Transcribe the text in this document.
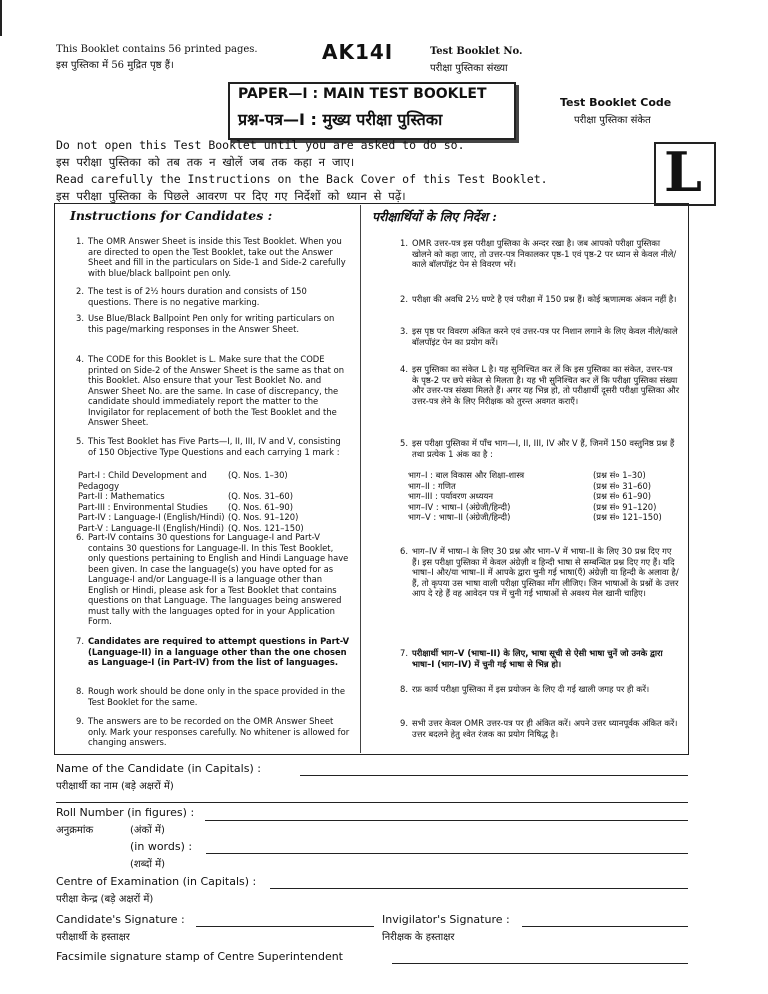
This Booklet contains 56 printed pages.
इस पुस्तिका में 56 मुद्रित पृष्ठ हैं।
AK14I	Test Booklet No.
परीक्षा पुस्तिका संख्या
PAPER—I : MAIN TEST BOOKLET
प्रश्न-पत्र—I : मुख्य परीक्षा पुस्तिका
Test Booklet Code
परीक्षा पुस्तिका संकेत
L
Do not open this Test Booklet until you are asked to do so.
इस परीक्षा पुस्तिका को तब तक न खोलें जब तक कहा न जाए।
Read carefully the Instructions on the Back Cover of this Test Booklet.
इस परीक्षा पुस्तिका के पिछले आवरण पर दिए गए निर्देशों को ध्यान से पढ़ें।
Instructions for Candidates :	परीक्षार्थियों के लिए निर्देश :
1. The OMR Answer Sheet is inside this Test Booklet. When you are directed to open the Test Booklet, take out the Answer Sheet and fill in the particulars on Side-1 and Side-2 carefully with blue/black ballpoint pen only.
2. The test is of 2½ hours duration and consists of 150 questions. There is no negative marking.
3. Use Blue/Black Ballpoint Pen only for writing particulars on this page/marking responses in the Answer Sheet.
4. The CODE for this Booklet is L. Make sure that the CODE printed on Side-2 of the Answer Sheet is the same as that on this Booklet. Also ensure that your Test Booklet No. and Answer Sheet No. are the same. In case of discrepancy, the candidate should immediately report the matter to the Invigilator for replacement of both the Test Booklet and the Answer Sheet.
5. This Test Booklet has Five Parts—I, II, III, IV and V, consisting of 150 Objective Type Questions and each carrying 1 mark :
Part-I : Child Development and Pedagogy
(Q. Nos. 1–30)
Part-II : Mathematics	(Q. Nos. 31–60)
Part-III : Environmental Studies	(Q. Nos. 61–90)
Part-IV : Language-I (English/Hindi) (Q. Nos. 91–120)
Part-V : Language-II (English/Hindi) (Q. Nos. 121–150)
6. Part-IV contains 30 questions for Language-I and Part-V contains 30 questions for Language-II. In this Test Booklet, only questions pertaining to English and Hindi Language have been given. In case the language(s) you have opted for as Language-I and/or Language-II is a language other than English or Hindi, please ask for a Test Booklet that contains questions on that Language. The languages being answered must tally with the languages opted for in your Application Form.
7. Candidates are required to attempt questions in Part-V (Language-II) in a language other than the one chosen as Language-I (in Part-IV) from the list of languages.
8. Rough work should be done only in the space provided in the Test Booklet for the same.
9. The answers are to be recorded on the OMR Answer Sheet only. Mark your responses carefully. No whitener is allowed for changing answers.
1. OMR उत्तर-पत्र इस परीक्षा पुस्तिका के अन्दर रखा है। जब आपको परीक्षा पुस्तिका खोलने को कहा जाए, तो उत्तर-पत्र निकालकर पृष्ठ-1 एवं पृष्ठ-2 पर ध्यान से केवल नीले/काले बॉलपॉइंट पेन से विवरण भरें।
2. परीक्षा की अवधि 2½ घण्टे है एवं परीक्षा में 150 प्रश्न हैं। कोई ऋणात्मक अंकन नहीं है।
3. इस पृष्ठ पर विवरण अंकित करने एवं उत्तर-पत्र पर निशान लगाने के लिए केवल नीले/काले बॉलपॉइंट पेन का प्रयोग करें।
4. इस पुस्तिका का संकेत L है। यह सुनिश्चित कर लें कि इस पुस्तिका का संकेत, उत्तर-पत्र के पृष्ठ-2 पर छपे संकेत से मिलता है। यह भी सुनिश्चित कर लें कि परीक्षा पुस्तिका संख्या और उत्तर-पत्र संख्या मिलते हैं। अगर यह भिन्न हो, तो परीक्षार्थी दूसरी परीक्षा पुस्तिका और उत्तर-पत्र लेने के लिए निरीक्षक को तुरन्त अवगत कराएँ।
5. इस परीक्षा पुस्तिका में पाँच भाग—I, II, III, IV और V हैं, जिनमें 150 वस्तुनिष्ठ प्रश्न हैं तथा प्रत्येक 1 अंक का है :
भाग–I : बाल विकास और शिक्षा-शास्त्र	(प्रश्न सं० 1–30)
भाग–II : गणित	(प्रश्न सं० 31–60)
भाग–III : पर्यावरण अध्ययन	(प्रश्न सं० 61–90)
भाग–IV : भाषा–I (अंग्रेजी/हिन्दी)	(प्रश्न सं० 91–120)
भाग–V : भाषा–II (अंग्रेजी/हिन्दी)	(प्रश्न सं० 121–150)
6. भाग–IV में भाषा–I के लिए 30 प्रश्न और भाग–V में भाषा–II के लिए 30 प्रश्न दिए गए हैं। इस परीक्षा पुस्तिका में केवल अंग्रेज़ी व हिन्दी भाषा से सम्बन्धित प्रश्न दिए गए हैं। यदि भाषा–I और/या भाषा–II में आपके द्वारा चुनी गई भाषा(एँ) अंग्रेज़ी या हिन्दी के अलावा है/हैं, तो कृपया उस भाषा वाली परीक्षा पुस्तिका माँग लीजिए। जिन भाषाओं के प्रश्नों के उत्तर आप दे रहे हैं वह आवेदन पत्र में चुनी गई भाषाओं से अवश्य मेल खानी चाहिए।
7. परीक्षार्थी भाग–V (भाषा–II) के लिए, भाषा सूची से ऐसी भाषा चुनें जो उनके द्वारा भाषा–I (भाग–IV) में चुनी गई भाषा से भिन्न हो।
8. रफ़ कार्य परीक्षा पुस्तिका में इस प्रयोजन के लिए दी गई खाली जगह पर ही करें।
9. सभी उत्तर केवल OMR उत्तर-पत्र पर ही अंकित करें। अपने उत्तर ध्यानपूर्वक अंकित करें। उत्तर बदलने हेतु श्वेत रंजक का प्रयोग निषिद्ध है।
Name of the Candidate (in Capitals) :
परीक्षार्थी का नाम (बड़े अक्षरों में)
Roll Number (in figures) :
अनुक्रमांक	(अंकों में)
(in words) :
(शब्दों में)
Centre of Examination (in Capitals) :
परीक्षा केन्द्र (बड़े अक्षरों में)
Candidate's Signature :
परीक्षार्थी के हस्ताक्षर
Invigilator's Signature :
निरीक्षक के हस्ताक्षर
Facsimile signature stamp of Centre Superintendent
